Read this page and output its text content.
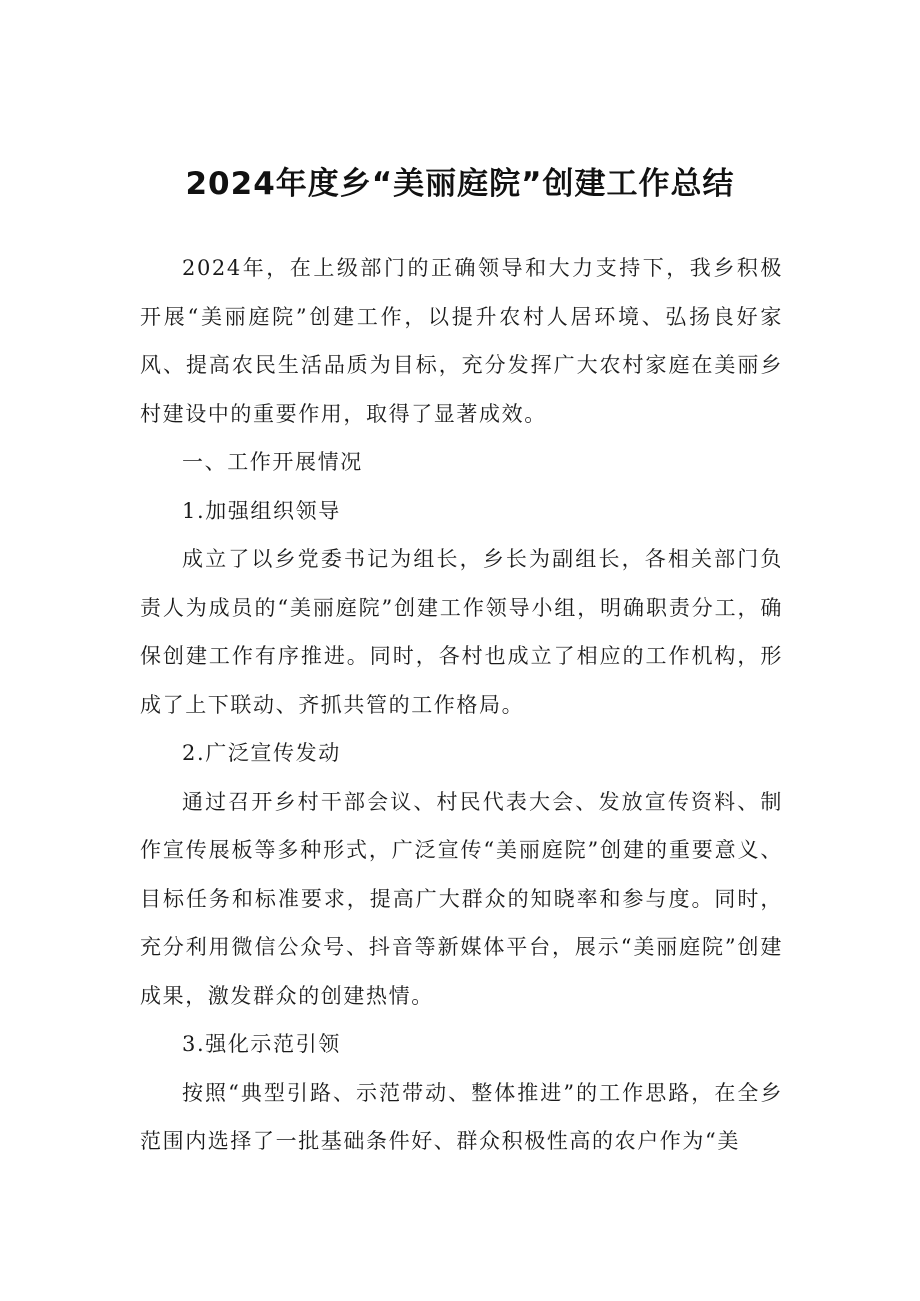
2024年度乡“美丽庭院”创建工作总结

2024年，在上级部门的正确领导和大力支持下，我乡积极开展“美丽庭院”创建工作，以提升农村人居环境、弘扬良好家风、提高农民生活品质为目标，充分发挥广大农村家庭在美丽乡村建设中的重要作用，取得了显著成效。

一、工作开展情况

1.加强组织领导

成立了以乡党委书记为组长，乡长为副组长，各相关部门负责人为成员的“美丽庭院”创建工作领导小组，明确职责分工，确保创建工作有序推进。同时，各村也成立了相应的工作机构，形成了上下联动、齐抓共管的工作格局。

2.广泛宣传发动

通过召开乡村干部会议、村民代表大会、发放宣传资料、制作宣传展板等多种形式，广泛宣传“美丽庭院”创建的重要意义、目标任务和标准要求，提高广大群众的知晓率和参与度。同时，充分利用微信公众号、抖音等新媒体平台，展示“美丽庭院”创建成果，激发群众的创建热情。

3.强化示范引领

按照“典型引路、示范带动、整体推进”的工作思路，在全乡范围内选择了一批基础条件好、群众积极性高的农户作为“美
